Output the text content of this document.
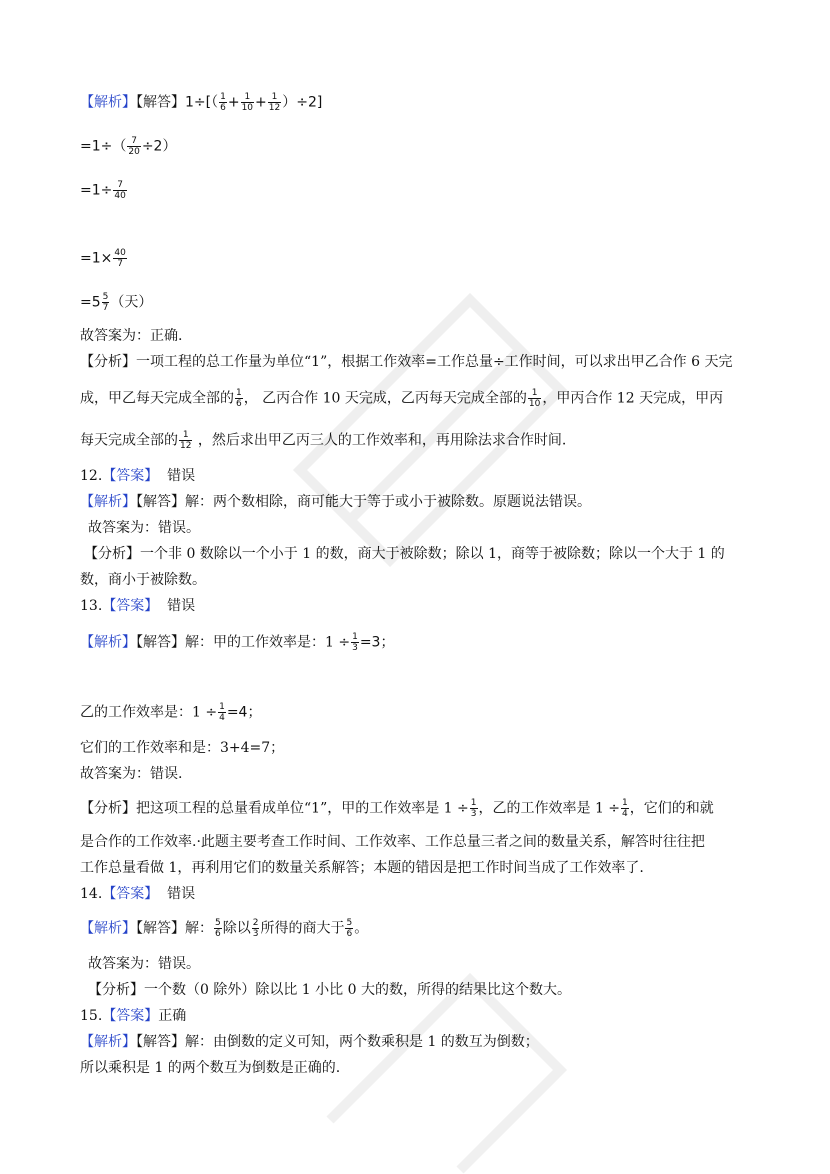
【解析】【解答】$1\div[( \frac{1}{6} + \frac{1}{10} + \frac{1}{12} )\div 2]$
$=1\div( \frac{7}{20} \div 2)$
$=1\div \frac{7}{40}$
$=1\times \frac{40}{7}$
$=5 \frac{5}{7}$ （天）
故答案为：正确.
【分析】一项工程的总工作量为单位“1”，根据工作效率=工作总量÷工作时间，可以求出甲乙合作 6 天完
成，甲乙每天完成全部的 $\frac{1}{6}$ ， 乙丙合作 10 天完成，乙丙每天完成全部的 $\frac{1}{10}$ ，甲丙合作 12 天完成，甲丙
每天完成全部的 $\frac{1}{12}$ ，然后求出甲乙丙三人的工作效率和，再用除法求合作时间.
12.【答案】 错误
【解析】【解答】解：两个数相除，商可能大于等于或小于被除数。原题说法错误。
故答案为：错误。
【分析】一个非 0 数除以一个小于 1 的数，商大于被除数；除以 1，商等于被除数；除以一个大于 1 的
数，商小于被除数。
13.【答案】 错误
【解析】【解答】解：甲的工作效率是：$1 \div \frac{1}{3} =3$；
乙的工作效率是：$1 \div \frac{1}{4} =4$；
它们的工作效率和是：3+4=7；
故答案为：错误.
【分析】把这项工程的总量看成单位“1”，甲的工作效率是 $1 \div \frac{1}{3}$ ，乙的工作效率是 $1 \div \frac{1}{4}$ ，它们的和就
是合作的工作效率.·此题主要考查工作时间、工作效率、工作总量三者之间的数量关系，解答时往往把
工作总量看做 1，再利用它们的数量关系解答；本题的错因是把工作时间当成了工作效率了.
14.【答案】 错误
【解析】【解答】解： $\frac{5}{6}$ 除以 $\frac{2}{3}$ 所得的商大于 $\frac{5}{6}$ 。
故答案为：错误。
【分析】一个数（0 除外）除以比 1 小比 0 大的数，所得的结果比这个数大。
15.【答案】正确
【解析】【解答】解：由倒数的定义可知，两个数乘积是 1 的数互为倒数；
所以乘积是 1 的两个数互为倒数是正确的.
